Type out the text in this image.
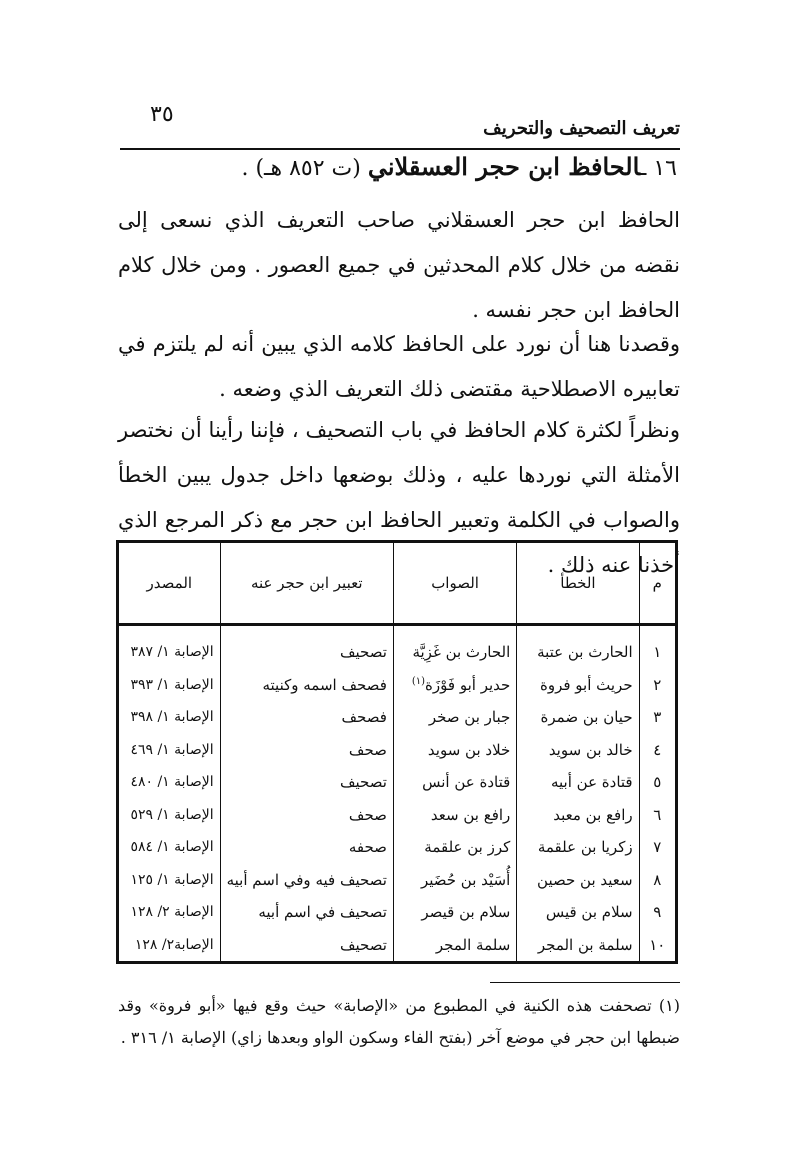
٣٥
تعريف التصحيف والتحريف
١٦ ـالحافظ ابن حجر العسقلاني (ت ٨٥٢ هـ) .

الحافظ ابن حجر العسقلاني صاحب التعريف الذي نسعى إلى نقضه من خلال كلام المحدثين في جميع العصور . ومن خلال كلام الحافظ ابن حجر نفسه .

وقصدنا هنا أن نورد على الحافظ كلامه الذي يبين أنه لم يلتزم في تعابيره الاصطلاحية مقتضى ذلك التعريف الذي وضعه .

ونظراً لكثرة كلام الحافظ في باب التصحيف ، فإننا رأينا أن نختصر الأمثلة التي نوردها عليه ، وذلك بوضعها داخل جدول يبين الخطأ والصواب في الكلمة وتعبير الحافظ ابن حجر مع ذكر المرجع الذي أخذنا عنه ذلك .

م	الخطأ	الصواب	تعبير ابن حجر عنه	المصدر
١	الحارث بن عتبة	الحارث بن غَزِيَّة	تصحيف	الإصابة ١/ ٣٨٧
٢	حريث أبو فروة	حدير أبو فَوْزَة$^{(١)}$	فصحف اسمه وكنيته	الإصابة ١/ ٣٩٣
٣	حيان بن ضمرة	جبار بن صخر	فصحف	الإصابة ١/ ٣٩٨
٤	خالد بن سويد	خلاد بن سويد	صحف	الإصابة ١/ ٤٦٩
٥	قتادة عن أبيه	قتادة عن أنس	تصحيف	الإصابة ١/ ٤٨٠
٦	رافع بن معبد	رافع بن سعد	صحف	الإصابة ١/ ٥٢٩
٧	زكريا بن علقمة	كرز بن علقمة	صحفه	الإصابة ١/ ٥٨٤
٨	سعيد بن حصين	أُسَيْد بن حُضَير	تصحيف فيه وفي اسم أبيه	الإصابة ١/ ١٢٥
٩	سلام بن قيس	سلام بن قيصر	تصحيف في اسم أبيه	الإصابة ٢/ ١٢٨
١٠	سلمة بن المجر	سلمة المجر	تصحيف	الإصابة٢/ ١٢٨

(١) تصحفت هذه الكنية في المطبوع من «الإصابة» حيث وقع فيها «أبو فروة» وقد ضبطها ابن حجر في موضع آخر (بفتح الفاء وسكون الواو وبعدها زاي) الإصابة ١/ ٣١٦ .
